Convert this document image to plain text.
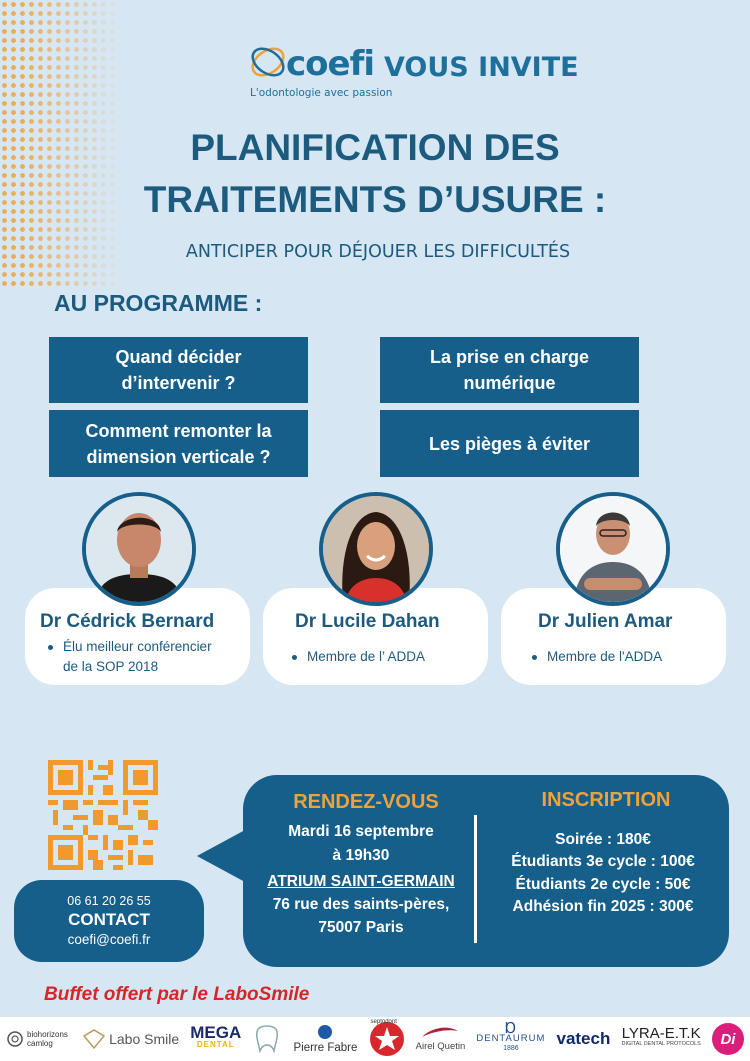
coefi VOUS INVITE
L'odontologie avec passion
PLANIFICATION DES
TRAITEMENTS D’USURE :
ANTICIPER POUR DÉJOUER LES DIFFICULTÉS
AU PROGRAMME :
Quand décider
d’intervenir ?
La prise en charge
numérique
Comment remonter la
dimension verticale ?
Les pièges à éviter
Dr Cédrick Bernard
Élu meilleur conférencier
de la SOP 2018
Dr Lucile Dahan
Membre de l’ ADDA
Dr Julien Amar
Membre de l'ADDA
06 61 20 26 55
CONTACT
coefi@coefi.fr
RENDEZ-VOUS
Mardi 16 septembre
à 19h30
ATRIUM SAINT-GERMAIN
76 rue des saints-pères,
75007 Paris
INSCRIPTION
Soirée : 180€
Étudiants 3e cycle : 100€
Étudiants 2e cycle : 50€
Adhésion fin 2025 : 300€
Buffet offert par le LaboSmile
biohorizons camlog	Labo Smile MEGA
DENTAL	Pierre Fabre
septodont
Airel Quetin
Ɒ
DENTAURUM
1886
vatech LYRA-E.T.K
DIGITAL DENTAL PROTOCOLS	Di
